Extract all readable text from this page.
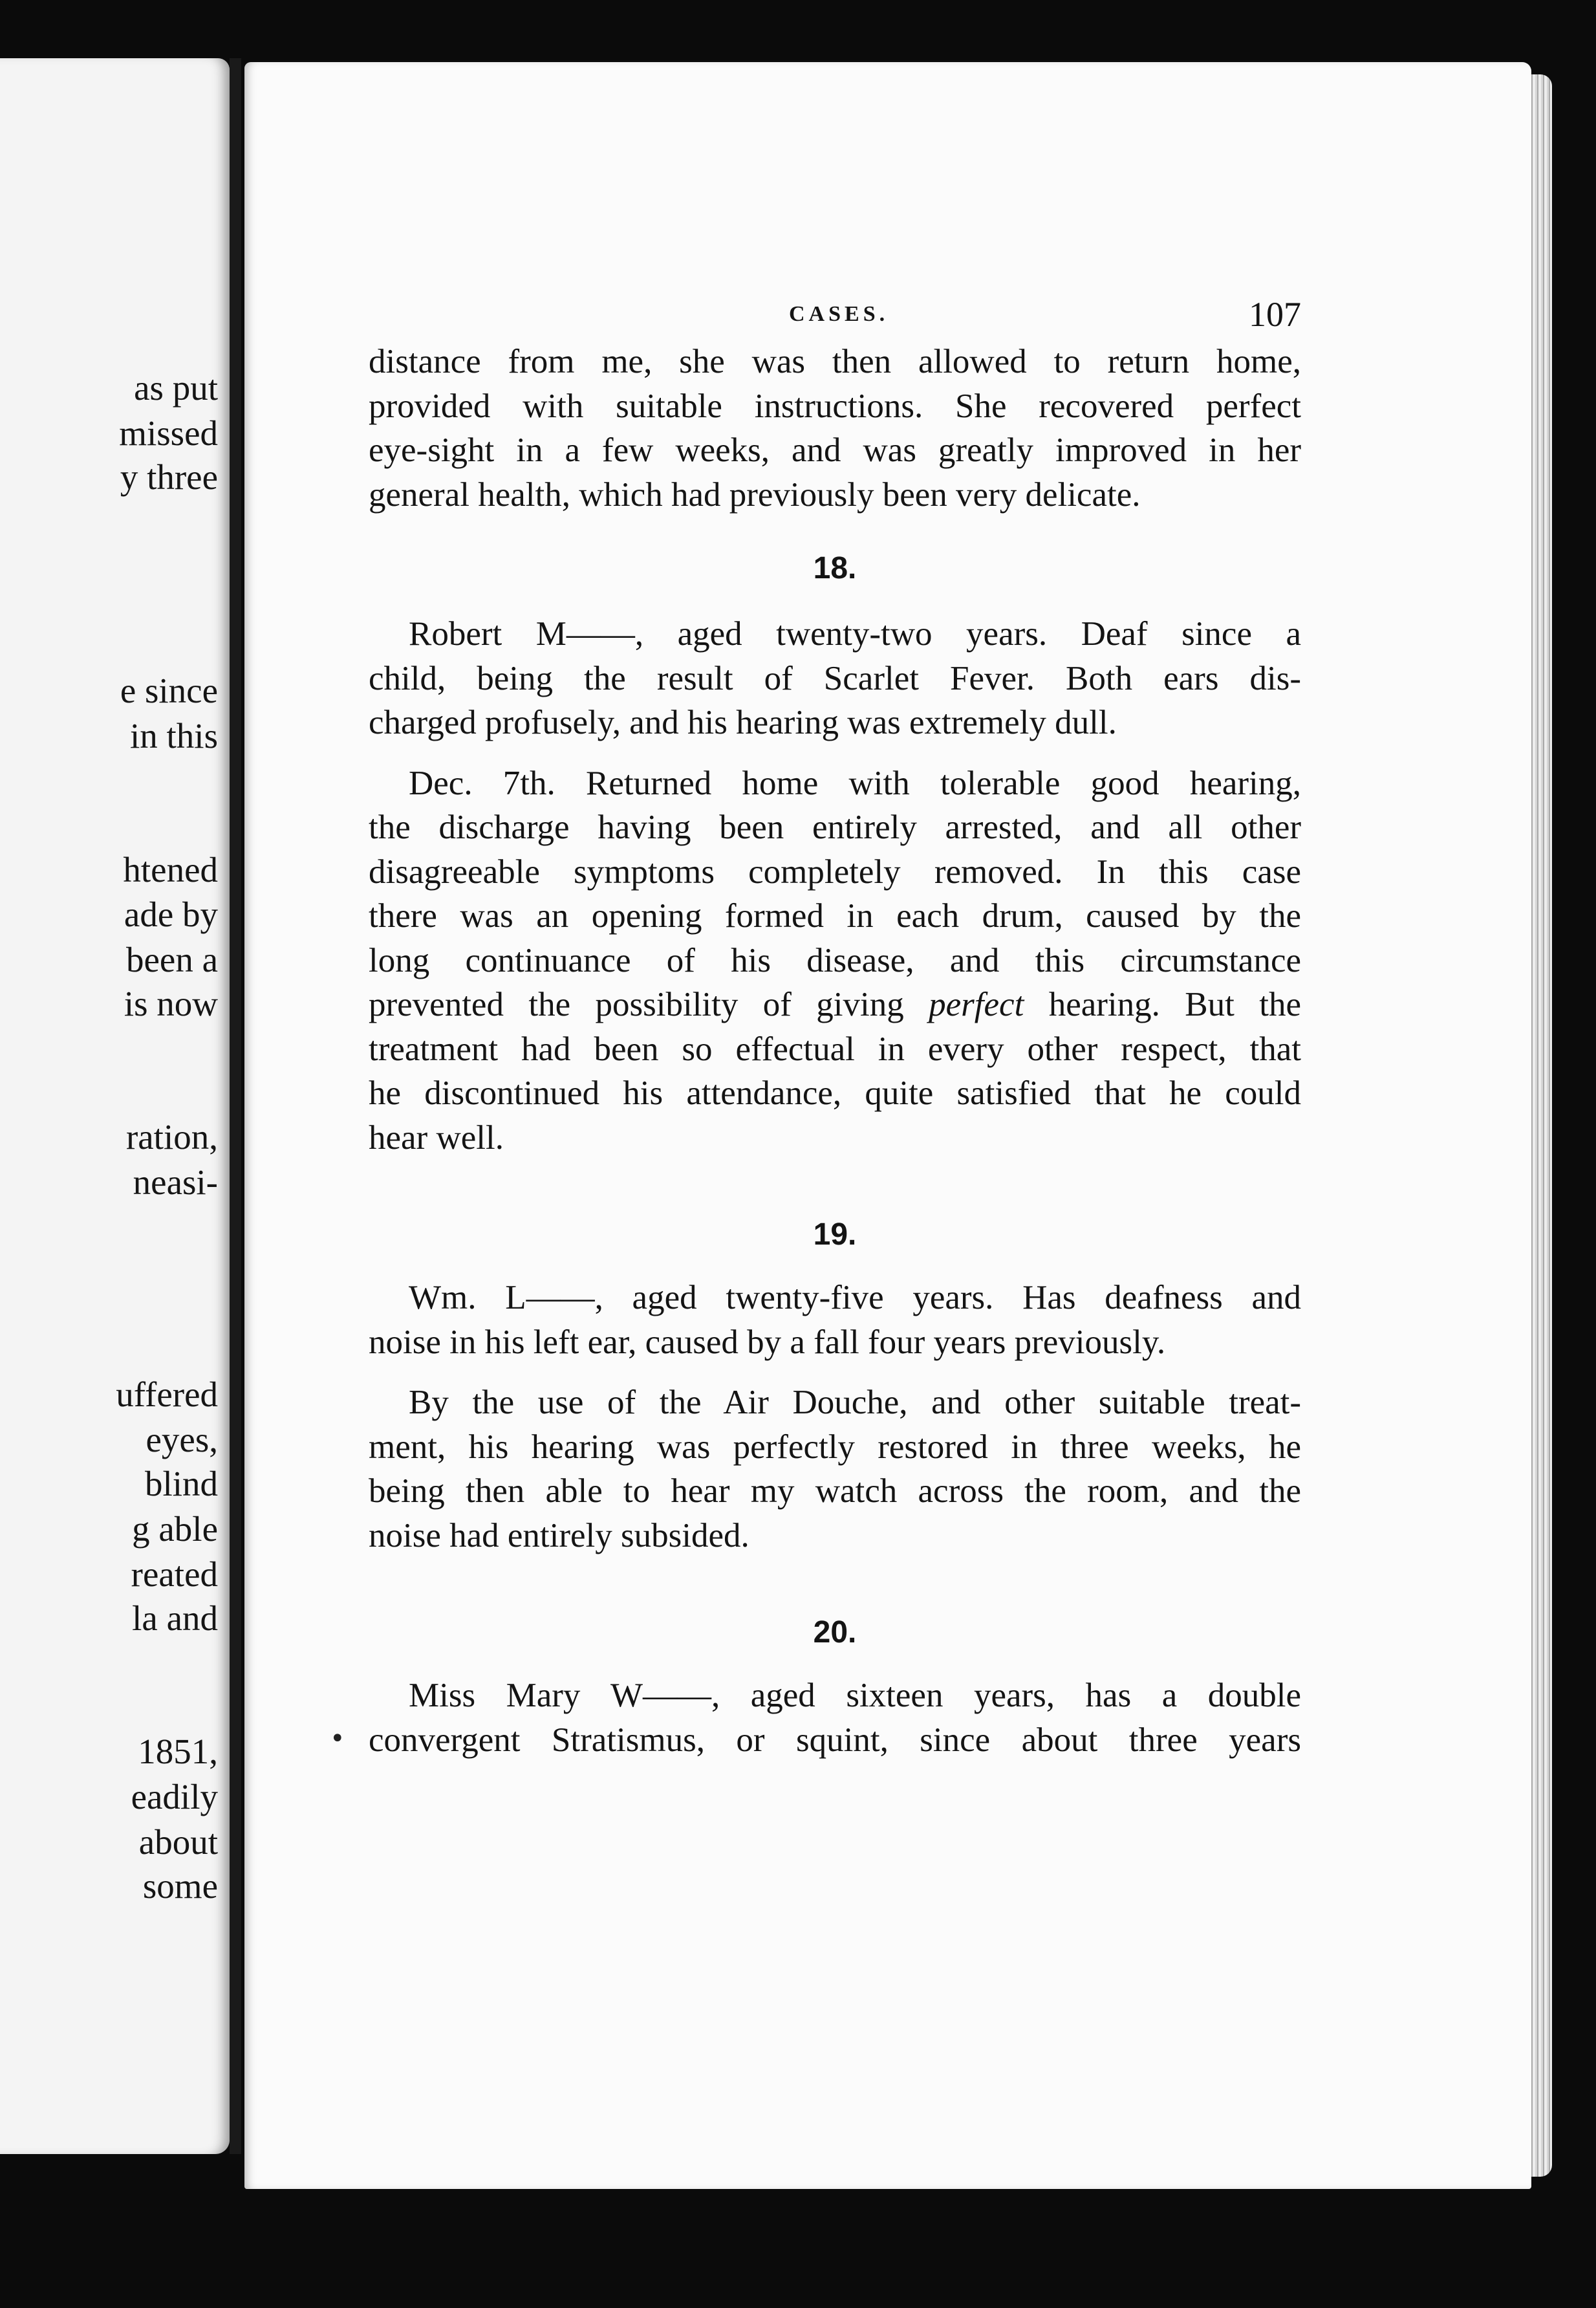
as put

missed

y three

e since

in this

htened

ade by

been a

is now

ration,

neasi-

uffered

eyes,

blind

g able

reated

la and

1851,

eadily

about

some

•
CASES.	107

distance from me, she was then allowed to return home,
provided with suitable instructions. She recovered perfect
eye-sight in a few weeks, and was greatly improved in her
general health, which had previously been very delicate.

18.

Robert M——, aged twenty-two years. Deaf since a
child, being the result of Scarlet Fever. Both ears dis-
charged profusely, and his hearing was extremely dull.

Dec. 7th. Returned home with tolerable good hearing,
the discharge having been entirely arrested, and all other
disagreeable symptoms completely removed. In this case
there was an opening formed in each drum, caused by the
long continuance of his disease, and this circumstance
prevented the possibility of giving perfect hearing. But the
treatment had been so effectual in every other respect, that
he discontinued his attendance, quite satisfied that he could
hear well.

19.

Wm. L——, aged twenty-five years. Has deafness and
noise in his left ear, caused by a fall four years previously.

By the use of the Air Douche, and other suitable treat-
ment, his hearing was perfectly restored in three weeks, he
being then able to hear my watch across the room, and the
noise had entirely subsided.

20.

Miss Mary W——, aged sixteen years, has a double
convergent Stratismus, or squint, since about three years
